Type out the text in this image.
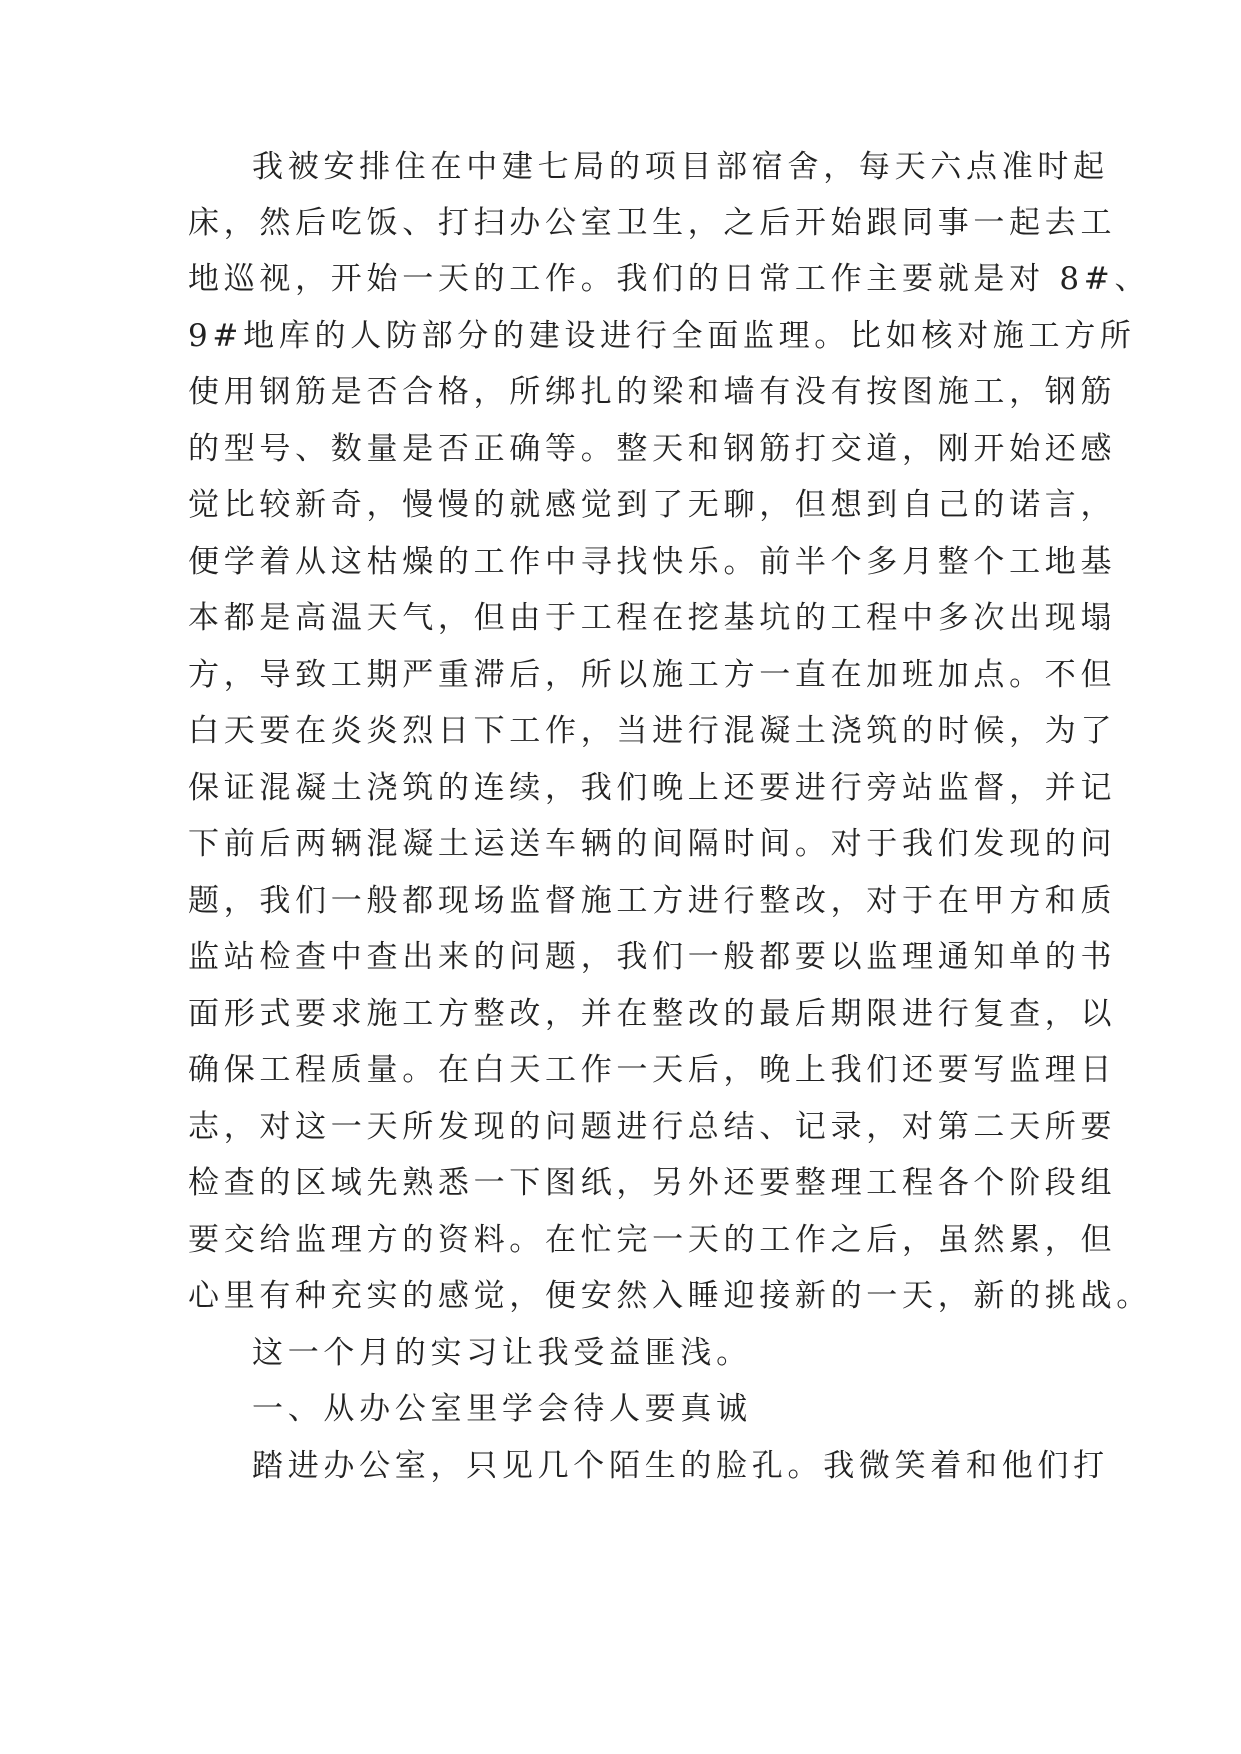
我被安排住在中建七局的项目部宿舍，每天六点准时起
床，然后吃饭、打扫办公室卫生，之后开始跟同事一起去工
地巡视，开始一天的工作。我们的日常工作主要就是对 8#、
9#地库的人防部分的建设进行全面监理。比如核对施工方所
使用钢筋是否合格，所绑扎的梁和墙有没有按图施工，钢筋
的型号、数量是否正确等。整天和钢筋打交道，刚开始还感
觉比较新奇，慢慢的就感觉到了无聊，但想到自己的诺言，
便学着从这枯燥的工作中寻找快乐。前半个多月整个工地基
本都是高温天气，但由于工程在挖基坑的工程中多次出现塌
方，导致工期严重滞后，所以施工方一直在加班加点。不但
白天要在炎炎烈日下工作，当进行混凝土浇筑的时候，为了
保证混凝土浇筑的连续，我们晚上还要进行旁站监督，并记
下前后两辆混凝土运送车辆的间隔时间。对于我们发现的问
题，我们一般都现场监督施工方进行整改，对于在甲方和质
监站检查中查出来的问题，我们一般都要以监理通知单的书
面形式要求施工方整改，并在整改的最后期限进行复查，以
确保工程质量。在白天工作一天后，晚上我们还要写监理日
志，对这一天所发现的问题进行总结、记录，对第二天所要
检查的区域先熟悉一下图纸，另外还要整理工程各个阶段组
要交给监理方的资料。在忙完一天的工作之后，虽然累，但
心里有种充实的感觉，便安然入睡迎接新的一天，新的挑战。
这一个月的实习让我受益匪浅。
一、从办公室里学会待人要真诚
踏进办公室，只见几个陌生的脸孔。我微笑着和他们打
